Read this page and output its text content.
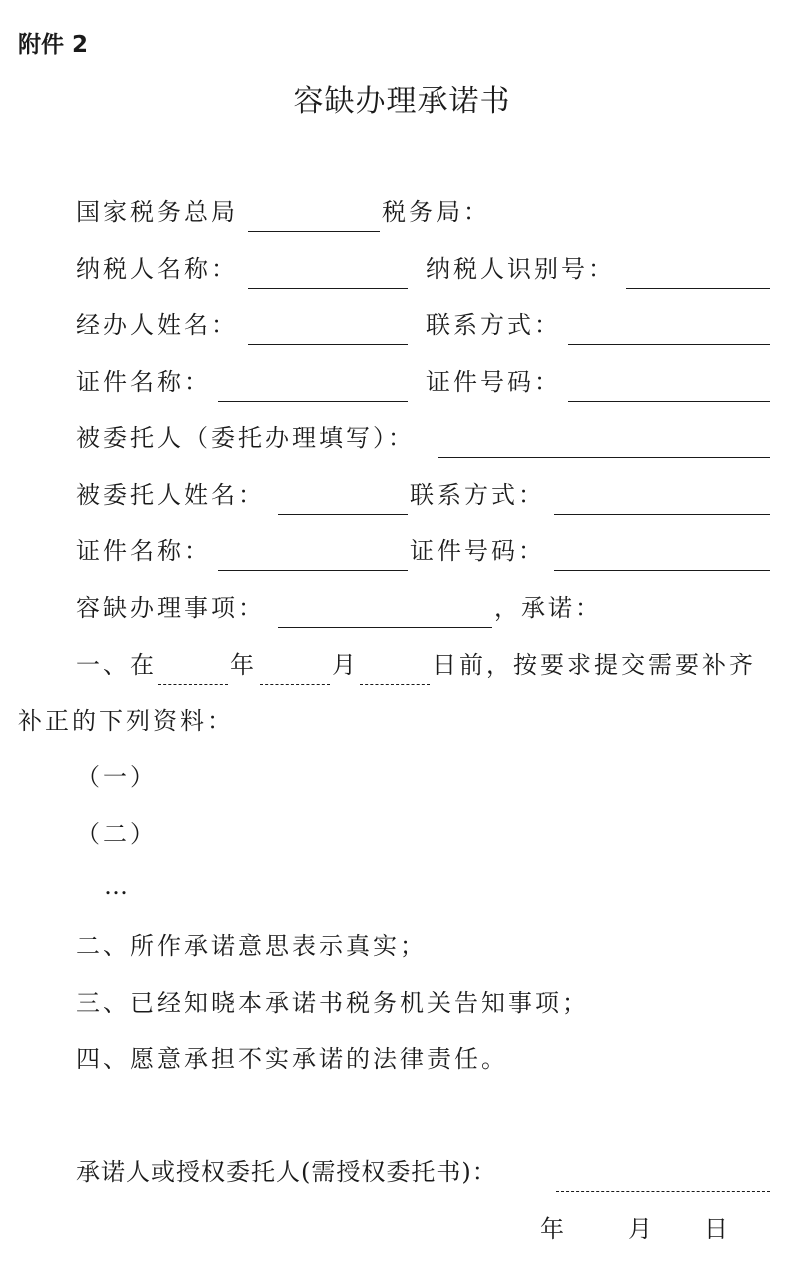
附件 2
容缺办理承诺书
国家税务总局	税务局：
纳税人名称：	纳税人识别号：
经办人姓名：	联系方式：
证件名称：	证件号码：
被委托人（委托办理填写）：
被委托人姓名：	联系方式：
证件名称：	证件号码：
容缺办理事项：	，承诺：
一、在	年	月	日前，按要求提交需要补齐
补正的下列资料：
（一）
（二）
…
二、所作承诺意思表示真实；
三、已经知晓本承诺书税务机关告知事项；
四、愿意承担不实承诺的法律责任。
承诺人或授权委托人(需授权委托书)：
年	月 日
